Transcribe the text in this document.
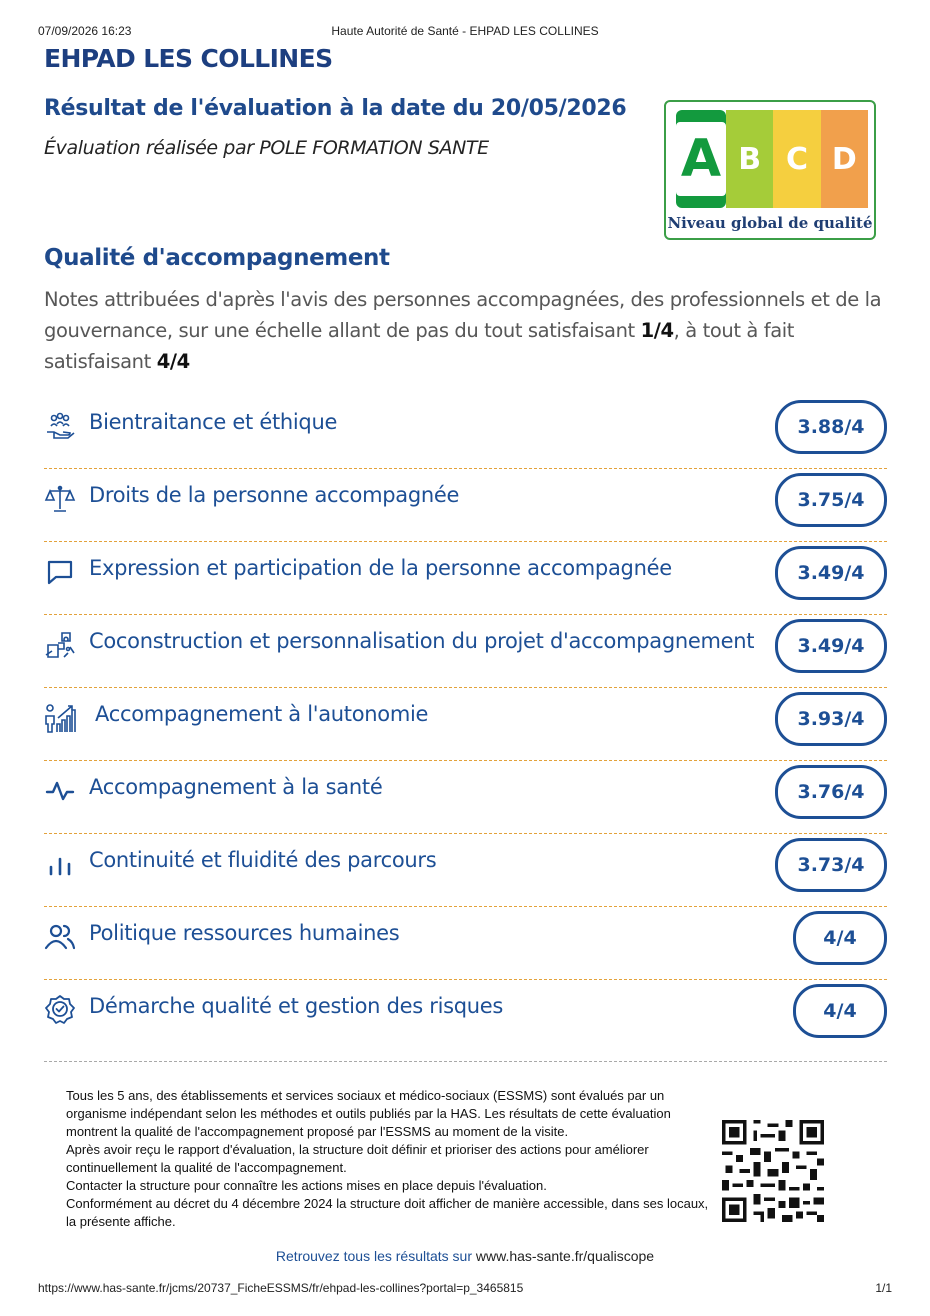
07/09/2026 16:23	Haute Autorité de Santé - EHPAD LES COLLINES
EHPAD LES COLLINES
Résultat de l'évaluation à la date du 20/05/2026
Évaluation réalisée par POLE FORMATION SANTE	A B C D
Niveau global de qualité
Qualité d'accompagnement
Notes attribuées d'après l'avis des personnes accompagnées, des professionnels et de la gouvernance, sur une échelle allant de pas du tout satisfaisant 1/4, à tout à fait satisfaisant 4/4
Bientraitance et éthique	3.88/4
Droits de la personne accompagnée	3.75/4
Expression et participation de la personne accompagnée	3.49/4
Coconstruction et personnalisation du projet d'accompagnement	3.49/4
Accompagnement à l'autonomie	3.93/4
Accompagnement à la santé	3.76/4
Continuité et fluidité des parcours	3.73/4
Politique ressources humaines	4/4
Démarche qualité et gestion des risques	4/4

Tous les 5 ans, des établissements et services sociaux et médico-sociaux (ESSMS) sont évalués par un organisme indépendant selon les méthodes et outils publiés par la HAS. Les résultats de cette évaluation montrent la qualité de l'accompagnement proposé par l'ESSMS au moment de la visite.

Après avoir reçu le rapport d'évaluation, la structure doit définir et prioriser des actions pour améliorer continuellement la qualité de l'accompagnement.

Contacter la structure pour connaître les actions mises en place depuis l'évaluation.

Conformément au décret du 4 décembre 2024 la structure doit afficher de manière accessible, dans ses locaux, la présente affiche.

Retrouvez tous les résultats sur www.has-sante.fr/qualiscope
https://www.has-sante.fr/jcms/20737_FicheESSMS/fr/ehpad-les-collines?portal=p_3465815	1/1
